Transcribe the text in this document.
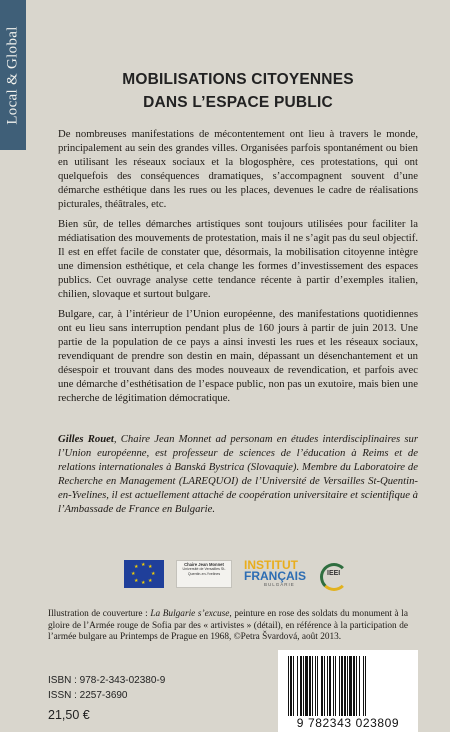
Local & Global	MOBILISATIONS CITOYENNES
DANS L’ESPACE PUBLIC

De nombreuses manifestations de mécontentement ont lieu à travers le monde, principalement au sein des grandes villes. Organisées parfois spontanément ou bien en utilisant les réseaux sociaux et la blogosphère, ces protestations, qui ont quelquefois des conséquences dramatiques, s’accompagnent souvent d’une démarche esthétique dans les rues ou les places, devenues le cadre de réalisations picturales, théâtrales, etc.

Bien sûr, de telles démarches artistiques sont toujours utilisées pour faciliter la médiatisation des mouvements de protestation, mais il ne s’agit pas du seul objectif. Il est en effet facile de constater que, désormais, la mobilisation citoyenne intègre une dimension esthétique, et cela change les formes d’investissement des espaces publics. Cet ouvrage analyse cette tendance récente à partir d’exemples italien, chilien, slovaque et surtout bulgare.

Bulgare, car, à l’intérieur de l’Union européenne, des manifestations quotidiennes ont eu lieu sans interruption pendant plus de 160 jours à partir de juin 2013. Une partie de la population de ce pays a ainsi investi les rues et les réseaux sociaux, revendiquant de prendre son destin en main, dépassant un désenchantement et un désespoir et trouvant dans des modes nouveaux de revendication, et parfois avec une démarche d’esthétisation de l’espace public, non pas un exutoire, mais bien une recherche de légitimation démocratique.

Gilles Rouet, Chaire Jean Monnet ad personam en études interdisciplinaires sur l’Union européenne, est professeur de sciences de l’éducation à Reims et de relations internationales à Banská Bystrica (Slovaquie). Membre du Laboratoire de Recherche en Management (LAREQUOI) de l’Université de Versailles St-Quentin-en-Yvelines, il est actuellement attaché de coopération universitaire et scientifique à l’Ambassade de France en Bulgarie.
★ ★
★
★
★
★
★
★
Chaire Jean Monnet
Université de Versailles St-Quentin-en-Yvelines
INSTITUT
FRANÇAIS
BULGARIE
IEEI
Illustration de couverture : La Bulgarie s’excuse, peinture en rose des soldats du monument à la gloire de l’Armée rouge de Sofia par des « artivistes » (détail), en référence à la participation de l’armée bulgare au Printemps de Prague en 1968, ©Petra Švardová, août 2013.
ISBN : 978-2-343-02380-9
ISSN : 2257-3690
21,50 €
9 782343 023809
